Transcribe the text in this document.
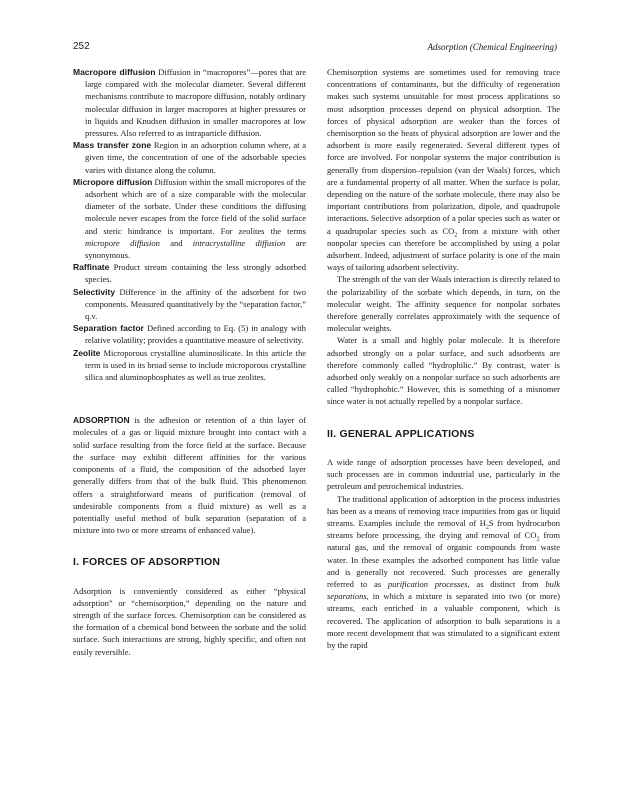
252	Adsorption (Chemical Engineering)

Macropore diffusion Diffusion in “macropores”—pores that are large compared with the molecular diameter. Several different mechanisms contribute to macropore diffusion, notably ordinary molecular diffusion in larger macropores at higher pressures or in liquids and Knudsen diffusion in smaller macropores at low pressures. Also referred to as intraparticle diffusion.

Mass transfer zone Region in an adsorption column where, at a given time, the concentration of one of the adsorbable species varies with distance along the column.

Micropore diffusion Diffusion within the small micropores of the adsorbent which are of a size comparable with the molecular diameter of the sorbate. Under these conditions the diffusing molecule never escapes from the force field of the solid surface and steric hindrance is important. For zeolites the terms micropore diffusion and intracrystalline diffusion are synonymous.

Raffinate Product stream containing the less strongly adsorbed species.

Selectivity Difference in the affinity of the adsorbent for two components. Measured quantitatively by the “separation factor,” q.v.

Separation factor Defined according to Eq. (5) in analogy with relative volatility; provides a quantitative measure of selectivity.

Zeolite Microporous crystalline aluminosilicate. In this article the term is used in its broad sense to include microporous crystalline silica and aluminophosphates as well as true zeolites.

ADSORPTION is the adhesion or retention of a thin layer of molecules of a gas or liquid mixture brought into contact with a solid surface resulting from the force field at the surface. Because the surface may exhibit different affinities for the various components of a fluid, the composition of the adsorbed layer generally differs from that of the bulk fluid. This phenomenon offers a straightforward means of purification (removal of undesirable components from a fluid mixture) as well as a potentially useful method of bulk separation (separation of a mixture into two or more streams of enhanced value).

I. FORCES OF ADSORPTION

Adsorption is conveniently considered as either “physical adsorption” or “chemisorption,” depending on the nature and strength of the surface forces. Chemisorption can be considered as the formation of a chemical bond between the sorbate and the solid surface. Such interactions are strong, highly specific, and often not easily reversible.

Chemisorption systems are sometimes used for removing trace concentrations of contaminants, but the difficulty of regeneration makes such systems unsuitable for most process applications so most adsorption processes depend on physical adsorption. The forces of physical adsorption are weaker than the forces of chemisorption so the heats of physical adsorption are lower and the adsorbent is more easily regenerated. Several different types of force are involved. For nonpolar systems the major contribution is generally from dispersion–repulsion (van der Waals) forces, which are a fundamental property of all matter. When the surface is polar, depending on the nature of the sorbate molecule, there may also be important contributions from polarization, dipole, and quadrupole interactions. Selective adsorption of a polar species such as water or a quadrupolar species such as $CO_2$ from a mixture with other nonpolar species can therefore be accomplished by using a polar adsorbent. Indeed, adjustment of surface polarity is one of the main ways of tailoring adsorbent selectivity.

The strength of the van der Waals interaction is directly related to the polarizability of the sorbate which depends, in turn, on the molecular weight. The affinity sequence for nonpolar sorbates therefore generally correlates approximately with the sequence of molecular weights.

Water is a small and highly polar molecule. It is therefore adsorbed strongly on a polar surface, and such adsorbents are therefore commonly called “hydrophilic.” By contrast, water is adsorbed only weakly on a nonpolar surface so such adsorbents are called “hydrophobic.” However, this is something of a misnomer since water is not actually repelled by a nonpolar surface.

II. GENERAL APPLICATIONS

A wide range of adsorption processes have been developed, and such processes are in common industrial use, particularly in the petroleum and petrochemical industries.

The traditional application of adsorption in the process industries has been as a means of removing trace impurities from gas or liquid streams. Examples include the removal of $H_2S$ from hydrocarbon streams before processing, the drying and removal of $CO_2$ from natural gas, and the removal of organic compounds from waste water. In these examples the adsorbed component has little value and is generally not recovered. Such processes are generally referred to as purification processes, as distinct from bulk separations, in which a mixture is separated into two (or more) streams, each enriched in a valuable component, which is recovered. The application of adsorption to bulk separations is a more recent development that was stimulated to a significant extent by the rapid
